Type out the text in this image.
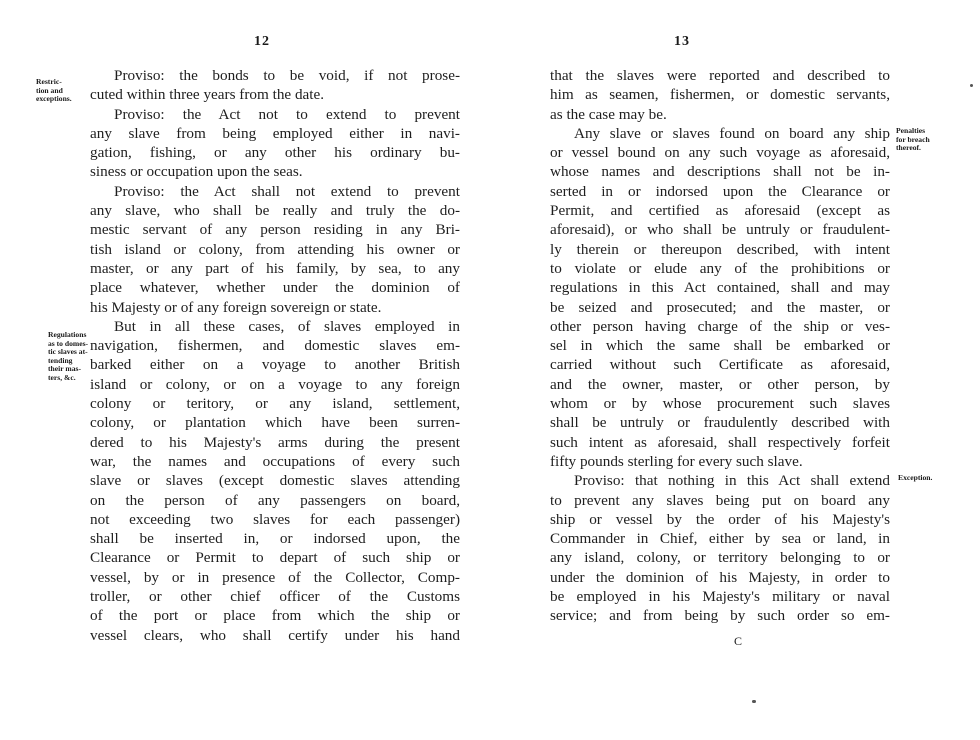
12
Restric-
tion and
exceptions.
Regulations
as to domes-
tic slaves at-
tending
their mas-
ters, &c.
Proviso: the bonds to be void, if not prose-
cuted within three years from the date.
Proviso: the Act not to extend to prevent
any slave from being employed either in navi-
gation, fishing, or any other his ordinary bu-
siness or occupation upon the seas.
Proviso: the Act shall not extend to prevent
any slave, who shall be really and truly the do-
mestic servant of any person residing in any Bri-
tish island or colony, from attending his owner or
master, or any part of his family, by sea, to any
place whatever, whether under the dominion of
his Majesty or of any foreign sovereign or state.
But in all these cases, of slaves employed in
navigation, fishermen, and domestic slaves em-
barked either on a voyage to another British
island or colony, or on a voyage to any foreign
colony or teritory, or any island, settlement,
colony, or plantation which have been surren-
dered to his Majesty's arms during the present
war, the names and occupations of every such
slave or slaves (except domestic slaves attending
on the person of any passengers on board,
not exceeding two slaves for each passenger)
shall be inserted in, or indorsed upon, the
Clearance or Permit to depart of such ship or
vessel, by or in presence of the Collector, Comp-
troller, or other chief officer of the Customs
of the port or place from which the ship or
vessel clears, who shall certify under his hand
13
Penalties
for breach
thereof.
Exception.
that the slaves were reported and described to
him as seamen, fishermen, or domestic servants,
as the case may be.
Any slave or slaves found on board any ship
or vessel bound on any such voyage as aforesaid,
whose names and descriptions shall not be in-
serted in or indorsed upon the Clearance or
Permit, and certified as aforesaid (except as
aforesaid), or who shall be untruly or fraudulent-
ly therein or thereupon described, with intent
to violate or elude any of the prohibitions or
regulations in this Act contained, shall and may
be seized and prosecuted; and the master, or
other person having charge of the ship or ves-
sel in which the same shall be embarked or
carried without such Certificate as aforesaid,
and the owner, master, or other person, by
whom or by whose procurement such slaves
shall be untruly or fraudulently described with
such intent as aforesaid, shall respectively forfeit
fifty pounds sterling for every such slave.
Proviso: that nothing in this Act shall extend
to prevent any slaves being put on board any
ship or vessel by the order of his Majesty's
Commander in Chief, either by sea or land, in
any island, colony, or territory belonging to or
under the dominion of his Majesty, in order to
be employed in his Majesty's military or naval
service; and from being by such order so em-
C
